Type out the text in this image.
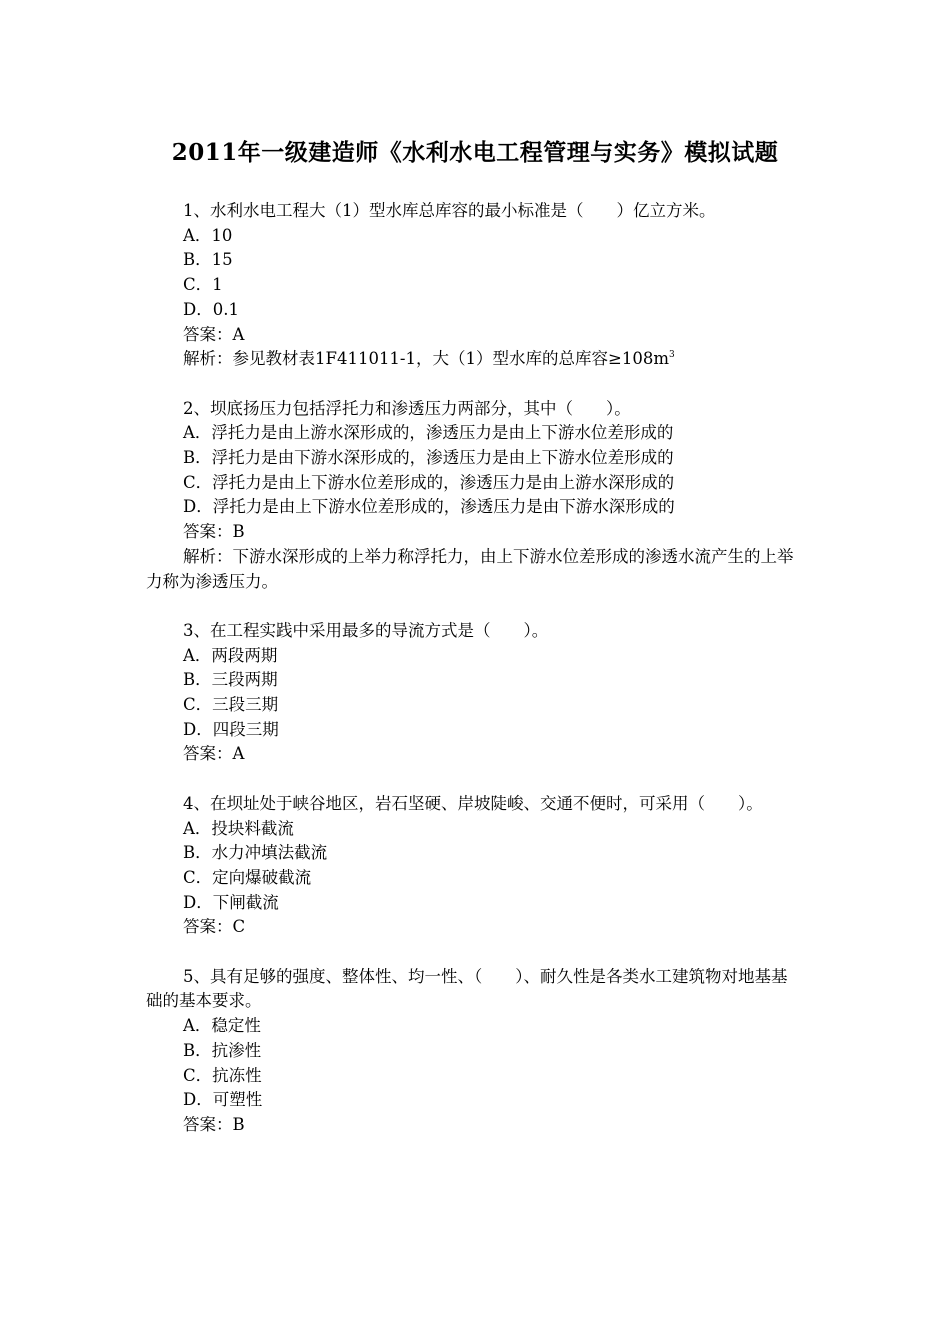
2011年一级建造师《水利水电工程管理与实务》模拟试题
1、水利水电工程大（1）型水库总库容的最小标准是（　　）亿立方米。
A．10
B．15
C．1
D．0.1
答案：A
解析：参见教材表1F411011-1，大（1）型水库的总库容$\ge 108m^3$
2、坝底扬压力包括浮托力和渗透压力两部分，其中（　　）。
A．浮托力是由上游水深形成的，渗透压力是由上下游水位差形成的
B．浮托力是由下游水深形成的，渗透压力是由上下游水位差形成的
C．浮托力是由上下游水位差形成的，渗透压力是由上游水深形成的
D．浮托力是由上下游水位差形成的，渗透压力是由下游水深形成的
答案：B
解析：下游水深形成的上举力称浮托力，由上下游水位差形成的渗透水流产生的上举力称为渗透压力。
3、在工程实践中采用最多的导流方式是（　　）。
A．两段两期
B．三段两期
C．三段三期
D．四段三期
答案：A
4、在坝址处于峡谷地区，岩石坚硬、岸坡陡峻、交通不便时，可采用（　　）。
A．投块料截流
B．水力冲填法截流
C．定向爆破截流
D．下闸截流
答案：C
5、具有足够的强度、整体性、均一性、（　　）、耐久性是各类水工建筑物对地基基础的基本要求。
A．稳定性
B．抗渗性
C．抗冻性
D．可塑性
答案：B
